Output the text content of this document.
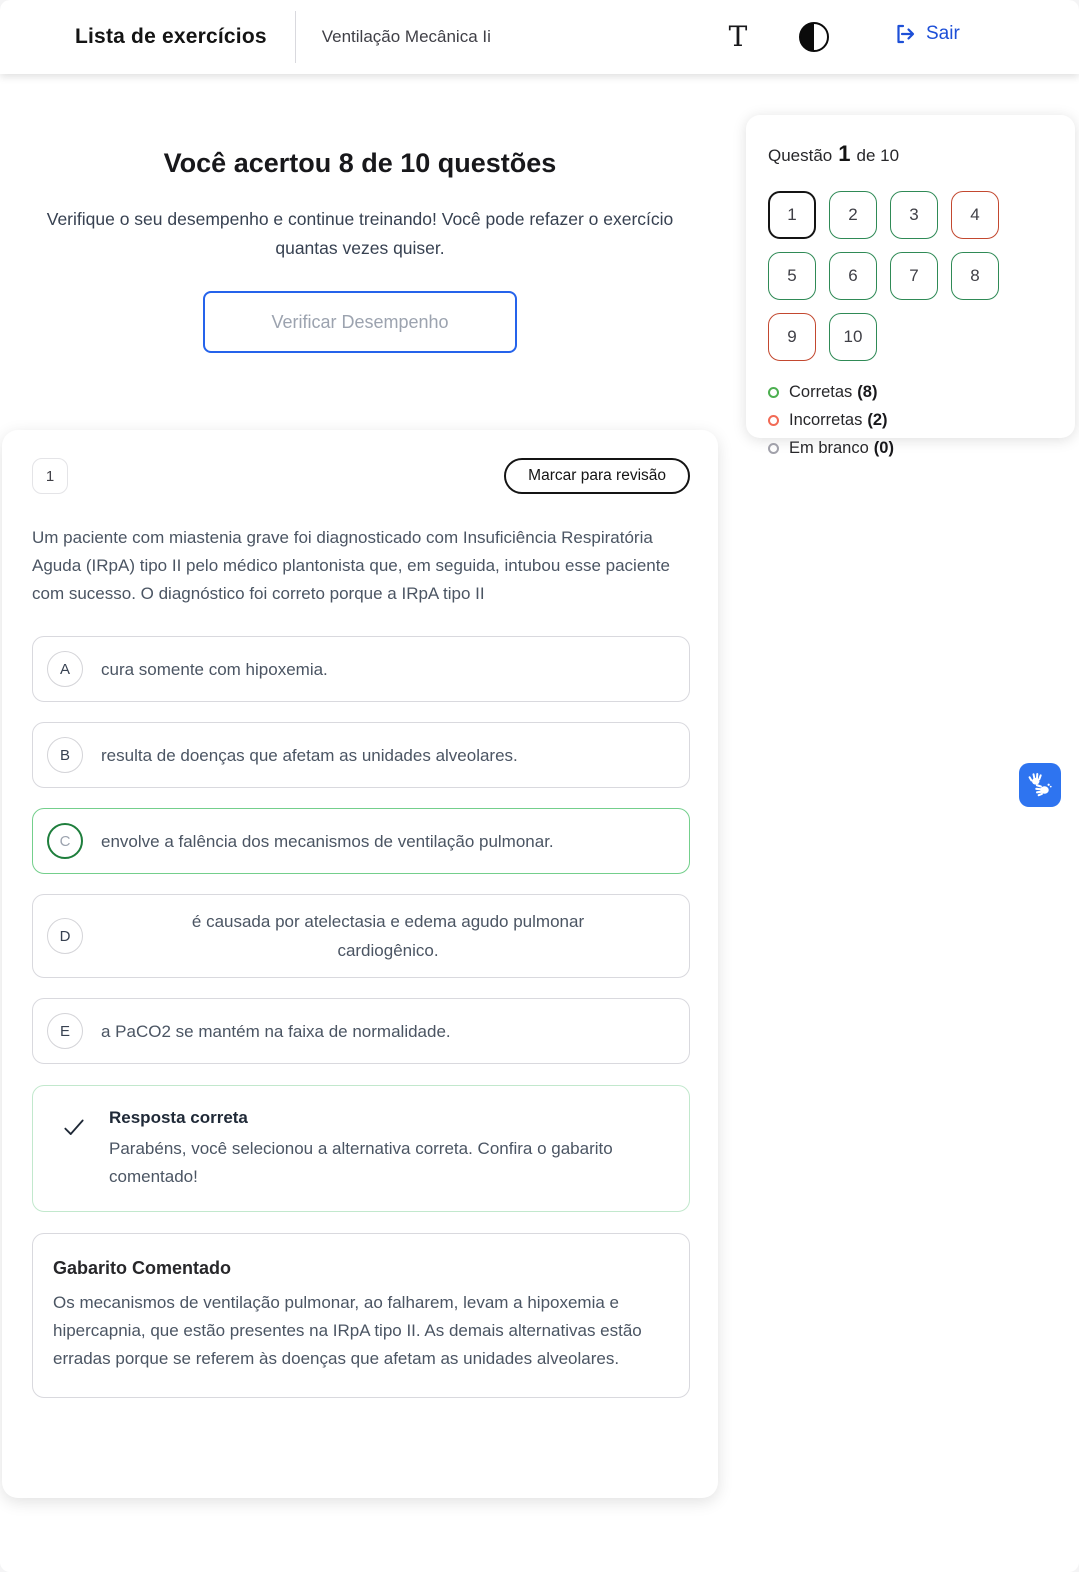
Lista de exercícios	Ventilação Mecânica Ii	T	Sair
Você acertou 8 de 10 questões

Verifique o seu desempenho e continue treinando! Você pode refazer o exercício quantas vezes quiser.

Verificar Desempenho
Questão 1 de 10
1	2	3	4
5	6	7	8
9	10
Corretas (8)
Incorretas (2)
Em branco (0)
1	Marcar para revisão

Um paciente com miastenia grave foi diagnosticado com Insuficiência Respiratória Aguda (IRpA) tipo II pelo médico plantonista que, em seguida, intubou esse paciente com sucesso. O diagnóstico foi correto porque a IRpA tipo II

A	cura somente com hipoxemia.
B	resulta de doenças que afetam as unidades alveolares.
C	envolve a falência dos mecanismos de ventilação pulmonar.
D
é causada por atelectasia e edema agudo pulmonar cardiogênico.
E	a PaCO2 se mantém na faixa de normalidade.
Resposta correta
Parabéns, você selecionou a alternativa correta. Confira o gabarito comentado!
Gabarito Comentado
Os mecanismos de ventilação pulmonar, ao falharem, levam a hipoxemia e hipercapnia, que estão presentes na IRpA tipo II. As demais alternativas estão erradas porque se referem às doenças que afetam as unidades alveolares.
